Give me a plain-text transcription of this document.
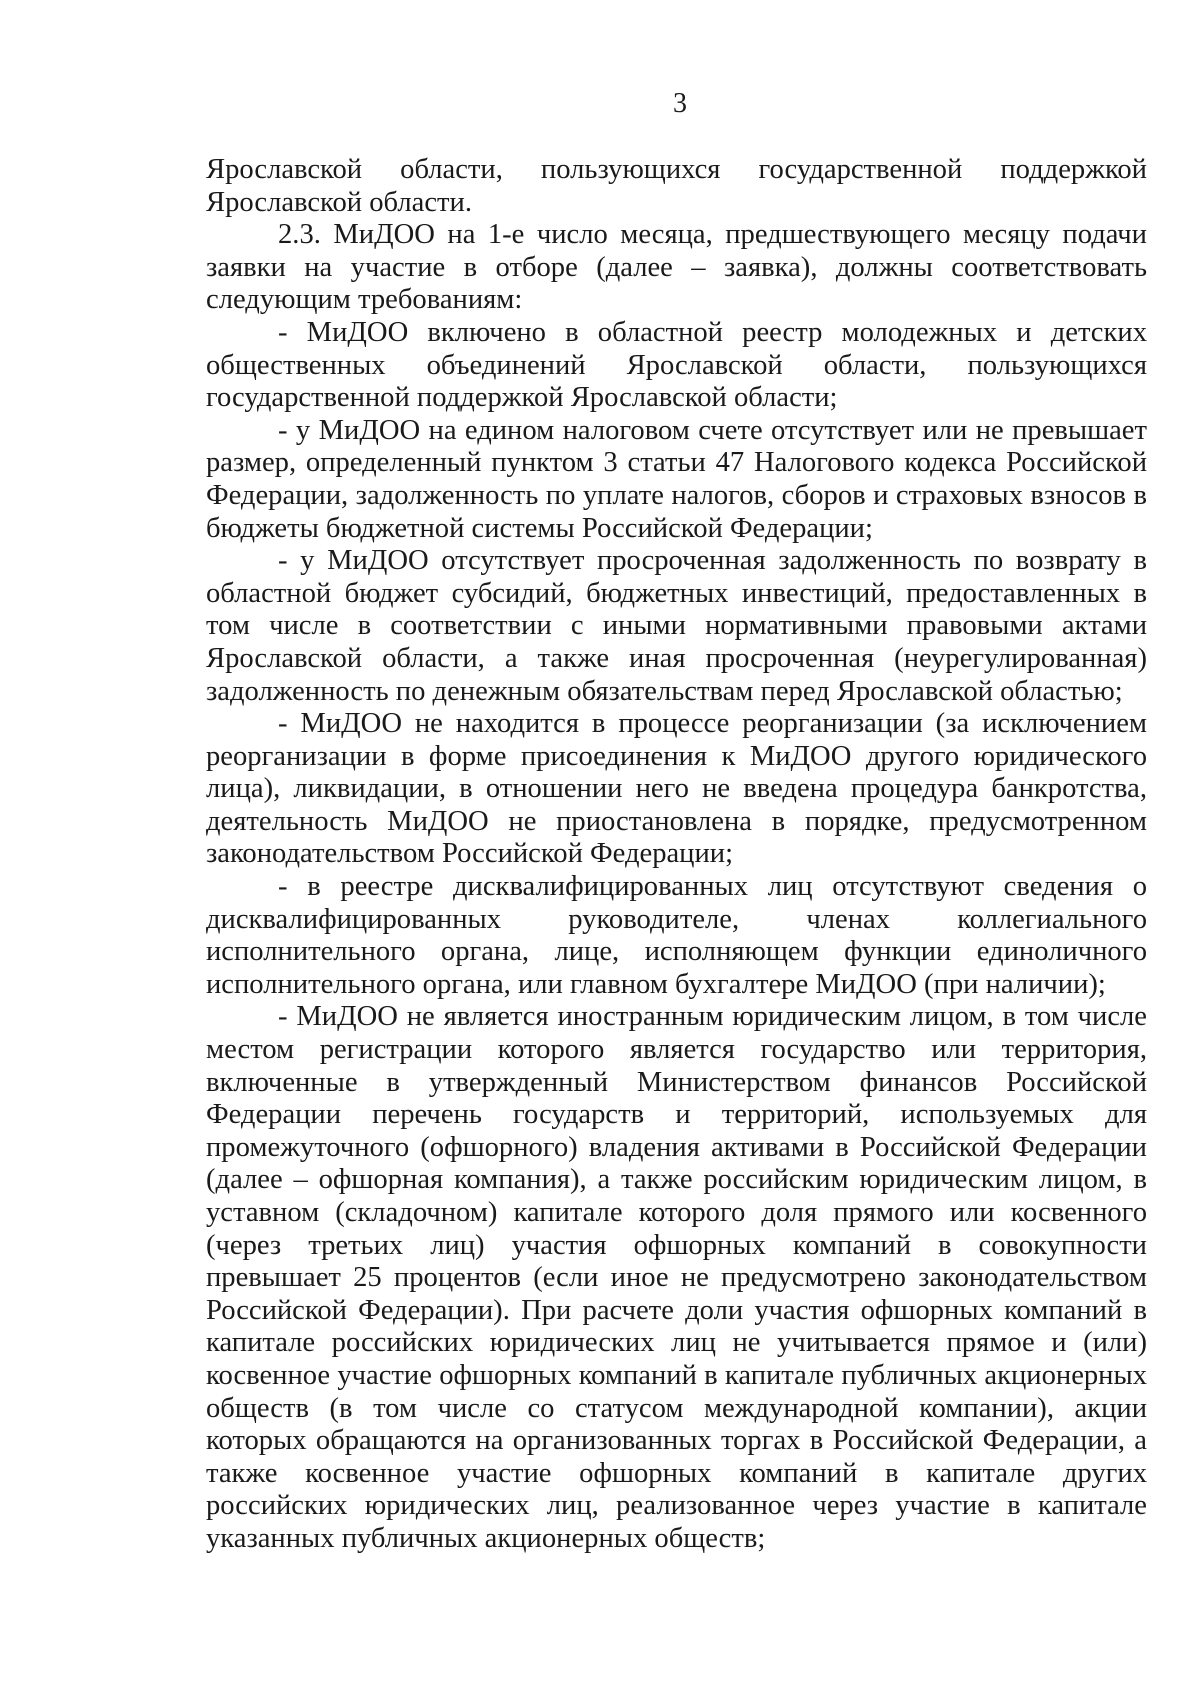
3

Ярославской области, пользующихся государственной поддержкой Ярославской области.

2.3. МиДОО на 1-е число месяца, предшествующего месяцу подачи заявки на участие в отборе (далее – заявка), должны соответствовать следующим требованиям:

- МиДОО включено в областной реестр молодежных и детских общественных объединений Ярославской области, пользующихся государственной поддержкой Ярославской области;

- у МиДОО на едином налоговом счете отсутствует или не превышает размер, определенный пунктом 3 статьи 47 Налогового кодекса Российской Федерации, задолженность по уплате налогов, сборов и страховых взносов в бюджеты бюджетной системы Российской Федерации;

- у МиДОО отсутствует просроченная задолженность по возврату в областной бюджет субсидий, бюджетных инвестиций, предоставленных в том числе в соответствии с иными нормативными правовыми актами Ярославской области, а также иная просроченная (неурегулированная) задолженность по денежным обязательствам перед Ярославской областью;

- МиДОО не находится в процессе реорганизации (за исключением реорганизации в форме присоединения к МиДОО другого юридического лица), ликвидации, в отношении него не введена процедура банкротства, деятельность МиДОО не приостановлена в порядке, предусмотренном законодательством Российской Федерации;

- в реестре дисквалифицированных лиц отсутствуют сведения о дисквалифицированных руководителе, членах коллегиального исполнительного органа, лице, исполняющем функции единоличного исполнительного органа, или главном бухгалтере МиДОО (при наличии);

- МиДОО не является иностранным юридическим лицом, в том числе местом регистрации которого является государство или территория, включенные в утвержденный Министерством финансов Российской Федерации перечень государств и территорий, используемых для промежуточного (офшорного) владения активами в Российской Федерации (далее – офшорная компания), а также российским юридическим лицом, в уставном (складочном) капитале которого доля прямого или косвенного (через третьих лиц) участия офшорных компаний в совокупности превышает 25 процентов (если иное не предусмотрено законодательством Российской Федерации). При расчете доли участия офшорных компаний в капитале российских юридических лиц не учитывается прямое и (или) косвенное участие офшорных компаний в капитале публичных акционерных обществ (в том числе со статусом международной компании), акции которых обращаются на организованных торгах в Российской Федерации, а также косвенное участие офшорных компаний в капитале других российских юридических лиц, реализованное через участие в капитале указанных публичных акционерных обществ;
